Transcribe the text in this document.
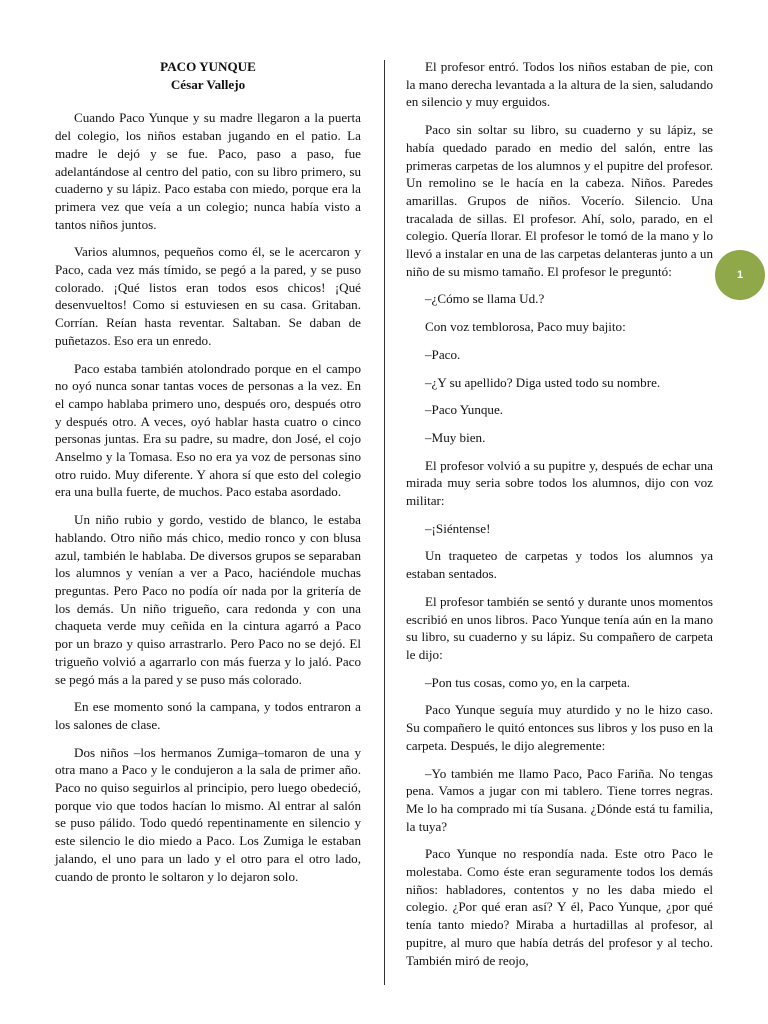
PACO YUNQUE
César Vallejo

Cuando Paco Yunque y su madre llegaron a la puerta del colegio, los niños estaban jugando en el patio. La madre le dejó y se fue. Paco, paso a paso, fue adelantándose al centro del patio, con su libro primero, su cuaderno y su lápiz. Paco estaba con miedo, porque era la primera vez que veía a un colegio; nunca había visto a tantos niños juntos.

Varios alumnos, pequeños como él, se le acercaron y Paco, cada vez más tímido, se pegó a la pared, y se puso colorado. ¡Qué listos eran todos esos chicos! ¡Qué desenvueltos! Como si estuviesen en su casa. Gritaban. Corrían. Reían hasta reventar. Saltaban. Se daban de puñetazos. Eso era un enredo.

Paco estaba también atolondrado porque en el campo no oyó nunca sonar tantas voces de personas a la vez. En el campo hablaba primero uno, después oro, después otro y después otro. A veces, oyó hablar hasta cuatro o cinco personas juntas. Era su padre, su madre, don José, el cojo Anselmo y la Tomasa. Eso no era ya voz de personas sino otro ruido. Muy diferente. Y ahora sí que esto del colegio era una bulla fuerte, de muchos. Paco estaba asordado.

Un niño rubio y gordo, vestido de blanco, le estaba hablando. Otro niño más chico, medio ronco y con blusa azul, también le hablaba. De diversos grupos se separaban los alumnos y venían a ver a Paco, haciéndole muchas preguntas. Pero Paco no podía oír nada por la gritería de los demás. Un niño trigueño, cara redonda y con una chaqueta verde muy ceñida en la cintura agarró a Paco por un brazo y quiso arrastrarlo. Pero Paco no se dejó. El trigueño volvió a agarrarlo con más fuerza y lo jaló. Paco se pegó más a la pared y se puso más colorado.

En ese momento sonó la campana, y todos entraron a los salones de clase.

Dos niños –los hermanos Zumiga–tomaron de una y otra mano a Paco y le condujeron a la sala de primer año. Paco no quiso seguirlos al principio, pero luego obedeció, porque vio que todos hacían lo mismo. Al entrar al salón se puso pálido. Todo quedó repentinamente en silencio y este silencio le dio miedo a Paco. Los Zumiga le estaban jalando, el uno para un lado y el otro para el otro lado, cuando de pronto le soltaron y lo dejaron solo.

El profesor entró. Todos los niños estaban de pie, con la mano derecha levantada a la altura de la sien, saludando en silencio y muy erguidos.

Paco sin soltar su libro, su cuaderno y su lápiz, se había quedado parado en medio del salón, entre las primeras carpetas de los alumnos y el pupitre del profesor. Un remolino se le hacía en la cabeza. Niños. Paredes amarillas. Grupos de niños. Vocerío. Silencio. Una tracalada de sillas. El profesor. Ahí, solo, parado, en el colegio. Quería llorar. El profesor le tomó de la mano y lo llevó a instalar en una de las carpetas delanteras junto a un niño de su mismo tamaño. El profesor le preguntó:

–¿Cómo se llama Ud.?

Con voz temblorosa, Paco muy bajito:

–Paco.

–¿Y su apellido? Diga usted todo su nombre.

–Paco Yunque.

–Muy bien.

El profesor volvió a su pupitre y, después de echar una mirada muy seria sobre todos los alumnos, dijo con voz militar:

–¡Siéntense!

Un traqueteo de carpetas y todos los alumnos ya estaban sentados.

El profesor también se sentó y durante unos momentos escribió en unos libros. Paco Yunque tenía aún en la mano su libro, su cuaderno y su lápiz. Su compañero de carpeta le dijo:

–Pon tus cosas, como yo, en la carpeta.

Paco Yunque seguía muy aturdido y no le hizo caso. Su compañero le quitó entonces sus libros y los puso en la carpeta. Después, le dijo alegremente:

–Yo también me llamo Paco, Paco Fariña. No tengas pena. Vamos a jugar con mi tablero. Tiene torres negras. Me lo ha comprado mi tía Susana. ¿Dónde está tu familia, la tuya?

Paco Yunque no respondía nada. Este otro Paco le molestaba. Como éste eran seguramente todos los demás niños: habladores, contentos y no les daba miedo el colegio. ¿Por qué eran así? Y él, Paco Yunque, ¿por qué tenía tanto miedo? Miraba a hurtadillas al profesor, al pupitre, al muro que había detrás del profesor y al techo. También miró de reojo,

1
